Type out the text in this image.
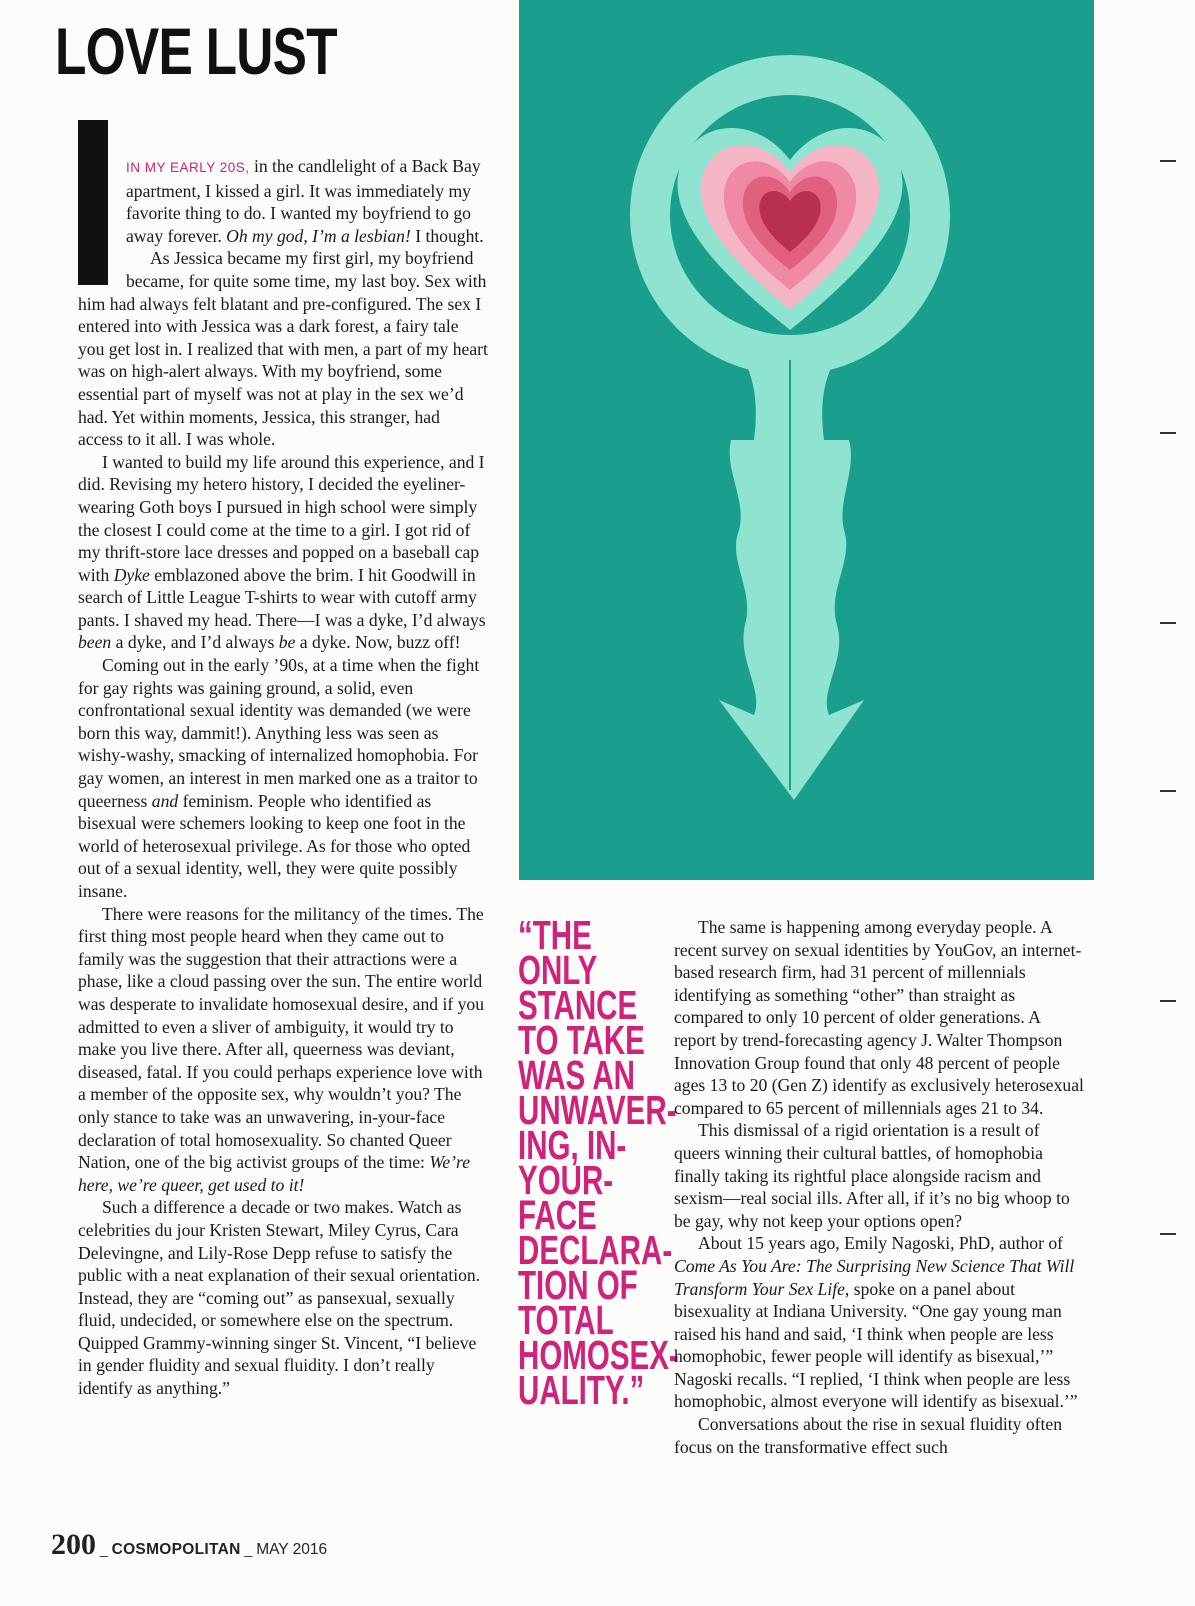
LOVE LUST

IN MY EARLY 20S, in the candlelight of a Back Bay apartment, I kissed a girl. It was immediately my favorite thing to do. I wanted my boyfriend to go away forever. Oh my god, I’m a lesbian! I thought.

As Jessica became my first girl, my boyfriend became, for quite some time, my last boy. Sex with him had always felt blatant and pre-configured. The sex I entered into with Jessica was a dark forest, a fairy tale you get lost in. I realized that with men, a part of my heart was on high-alert always. With my boyfriend, some essential part of myself was not at play in the sex we’d had. Yet within moments, Jessica, this stranger, had access to it all. I was whole.

I wanted to build my life around this experience, and I did. Revising my hetero history, I decided the eyeliner-wearing Goth boys I pursued in high school were simply the closest I could come at the time to a girl. I got rid of my thrift-store lace dresses and popped on a baseball cap with Dyke emblazoned above the brim. I hit Goodwill in search of Little League T-shirts to wear with cutoff army pants. I shaved my head. There—I was a dyke, I’d always been a dyke, and I’d always be a dyke. Now, buzz off!

Coming out in the early ’90s, at a time when the fight for gay rights was gaining ground, a solid, even confrontational sexual identity was demanded (we were born this way, dammit!). Anything less was seen as wishy-washy, smacking of internalized homophobia. For gay women, an interest in men marked one as a traitor to queerness and feminism. People who identified as bisexual were schemers looking to keep one foot in the world of heterosexual privilege. As for those who opted out of a sexual identity, well, they were quite possibly insane.

There were reasons for the militancy of the times. The first thing most people heard when they came out to family was the suggestion that their attractions were a phase, like a cloud passing over the sun. The entire world was desperate to invalidate homosexual desire, and if you admitted to even a sliver of ambiguity, it would try to make you live there. After all, queerness was deviant, diseased, fatal. If you could perhaps experience love with a member of the opposite sex, why wouldn’t you? The only stance to take was an unwavering, in-your-face declaration of total homosexuality. So chanted Queer Nation, one of the big activist groups of the time: We’re here, we’re queer, get used to it!

Such a difference a decade or two makes. Watch as celebrities du jour Kristen Stewart, Miley Cyrus, Cara Delevingne, and Lily-Rose Depp refuse to satisfy the public with a neat explanation of their sexual orientation. Instead, they are “coming out” as pansexual, sexually fluid, undecided, or somewhere else on the spectrum. Quipped Grammy-winning singer St. Vincent, “I believe in gender fluidity and sexual fluidity. I don’t really identify as anything.”

“THE ONLY STANCE TO TAKE WAS AN UNWAVER-ING, IN-YOUR-FACE DECLARA-TION OF TOTAL HOMOSEX-UALITY.”

The same is happening among everyday people. A recent survey on sexual identities by YouGov, an internet-based research firm, had 31 percent of millennials identifying as something “other” than straight as compared to only 10 percent of older generations. A report by trend-forecasting agency J. Walter Thompson Innovation Group found that only 48 percent of people ages 13 to 20 (Gen Z) identify as exclusively heterosexual compared to 65 percent of millennials ages 21 to 34.

This dismissal of a rigid orientation is a result of queers winning their cultural battles, of homophobia finally taking its rightful place alongside racism and sexism—real social ills. After all, if it’s no big whoop to be gay, why not keep your options open?

About 15 years ago, Emily Nagoski, PhD, author of Come As You Are: The Surprising New Science That Will Transform Your Sex Life, spoke on a panel about bisexuality at Indiana University. “One gay young man raised his hand and said, ‘I think when people are less homophobic, fewer people will identify as bisexual,’” Nagoski recalls. “I replied, ‘I think when people are less homophobic, almost everyone will identify as bisexual.’”

Conversations about the rise in sexual fluidity often focus on the transformative effect such

200 _ COSMOPOLITAN _ MAY 2016
